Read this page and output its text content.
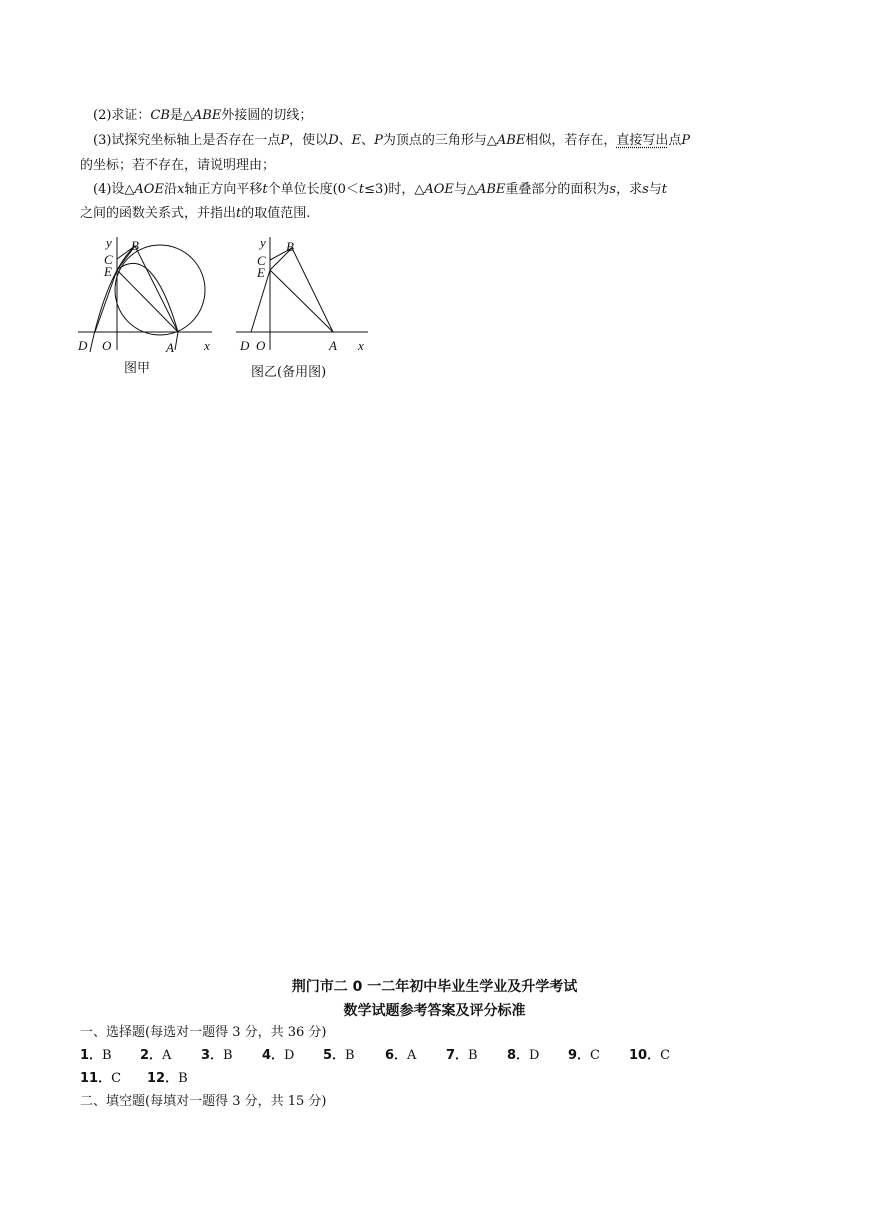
(2)求证：CB是△ABE外接圆的切线；
(3)试探究坐标轴上是否存在一点P，使以D、E、P为顶点的三角形与△ABE相似，若存在，直接写出点P
的坐标；若不存在，请说明理由；
(4)设△AOE沿x轴正方向平移t个单位长度(0＜t≤3)时，△AOE与△ABE重叠部分的面积为s，求s与t
之间的函数关系式，并指出t的取值范围.
y B
C
E
D O	A x
图甲
y B
C
E
D O	A x
图乙(备用图)
荆门市二 0 一二年初中毕业生学业及升学考试
数学试题参考答案及评分标准
一、选择题(每选对一题得 3 分，共 36 分)
1．B 2．A 3．B 4．D 5．B 6．A 7．B 8．D 9．C 10．C
11．C 12．B
二、填空题(每填对一题得 3 分，共 15 分)
